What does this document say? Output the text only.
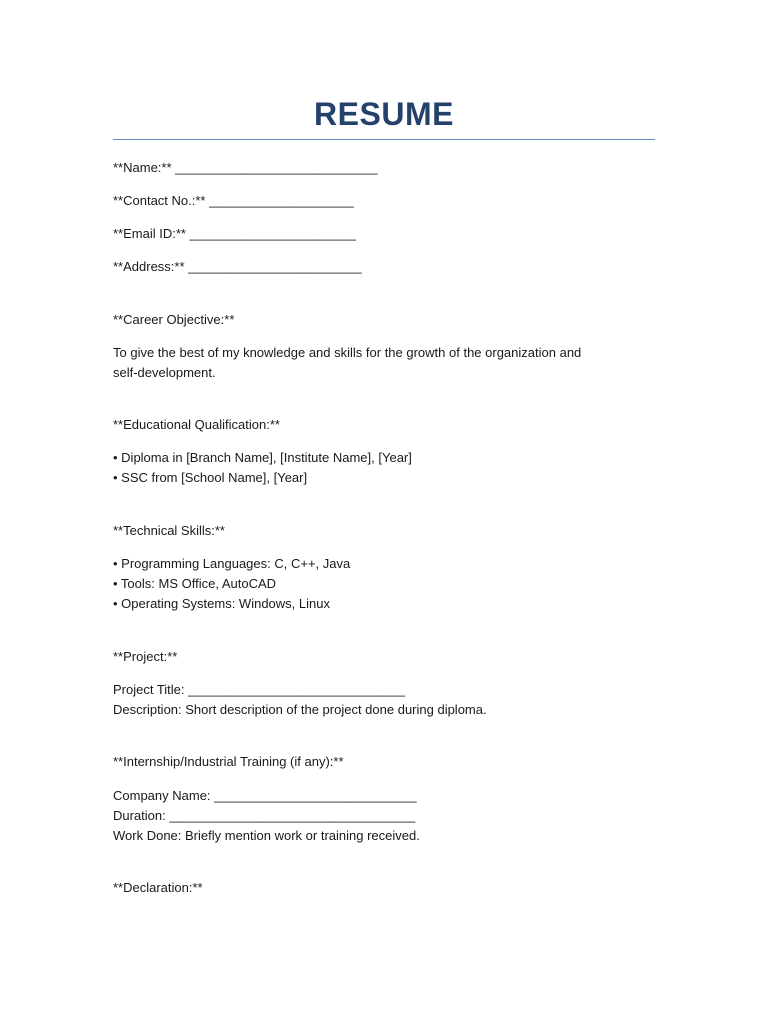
RESUME

**Name:** ____________________________

**Contact No.:** ____________________

**Email ID:** _______________________

**Address:** ________________________

**Career Objective:**

To give the best of my knowledge and skills for the growth of the organization and self-development.

**Educational Qualification:**

• Diploma in [Branch Name], [Institute Name], [Year]

• SSC from [School Name], [Year]

**Technical Skills:**

• Programming Languages: C, C++, Java

• Tools: MS Office, AutoCAD

• Operating Systems: Windows, Linux

**Project:**

Project Title: ______________________________

Description: Short description of the project done during diploma.

**Internship/Industrial Training (if any):**

Company Name: ____________________________

Duration: __________________________________

Work Done: Briefly mention work or training received.

**Declaration:**
